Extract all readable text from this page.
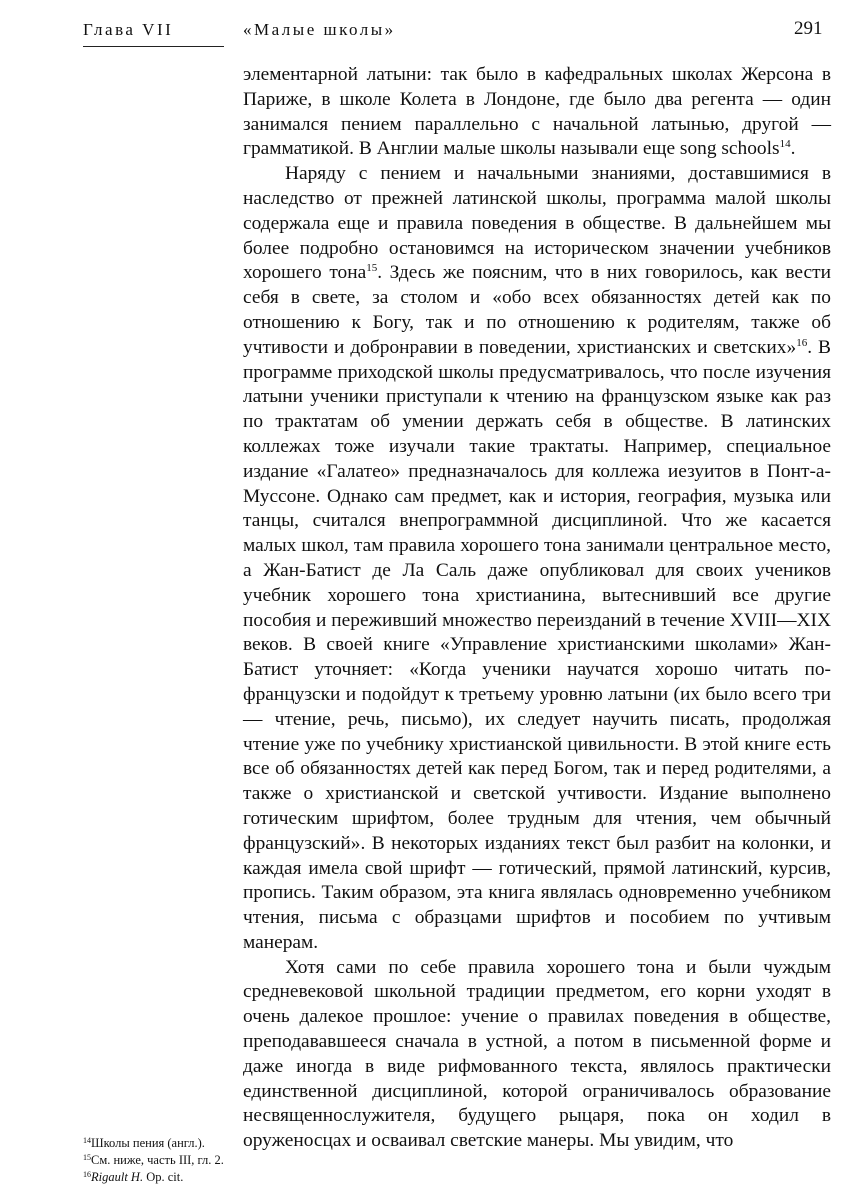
Глава VII	«Малые школы»	291

элементарной латыни: так было в кафедральных школах Жерсона в Париже, в школе Колета в Лондоне, где было два регента — один занимался пением параллельно с начальной латынью, другой — грамматикой. В Англии малые школы называли еще song schools$^{14}$.

Наряду с пением и начальными знаниями, доставшимися в наследство от прежней латинской школы, программа малой школы содержала еще и правила поведения в обществе. В дальнейшем мы более подробно остановимся на историческом значении учебников хорошего тона$^{15}$. Здесь же поясним, что в них говорилось, как вести себя в свете, за столом и «обо всех обязанностях детей как по отношению к Богу, так и по отношению к родителям, также об учтивости и добронравии в поведении, христианских и светских»$^{16}$. В программе приходской школы предусматривалось, что после изучения латыни ученики приступали к чтению на французском языке как раз по трактатам об умении держать себя в обществе. В латинских коллежах тоже изучали такие трактаты. Например, специальное издание «Галатео» предназначалось для коллежа иезуитов в Понт-а-Муссоне. Однако сам предмет, как и история, география, музыка или танцы, считался внепрограммной дисциплиной. Что же касается малых школ, там правила хорошего тона занимали центральное место, а Жан-Батист де Ла Саль даже опубликовал для своих учеников учебник хорошего тона христианина, вытеснивший все другие пособия и переживший множество переизданий в течение XVIII—XIX веков. В своей книге «Управление христианскими школами» Жан-Батист уточняет: «Когда ученики научатся хорошо читать по-французски и подойдут к третьему уровню латыни (их было всего три — чтение, речь, письмо), их следует научить писать, продолжая чтение уже по учебнику христианской цивильности. В этой книге есть все об обязанностях детей как перед Богом, так и перед родителями, а также о христианской и светской учтивости. Издание выполнено готическим шрифтом, более трудным для чтения, чем обычный французский». В некоторых изданиях текст был разбит на колонки, и каждая имела свой шрифт — готический, прямой латинский, курсив, пропись. Таким образом, эта книга являлась одновременно учебником чтения, письма с образцами шрифтов и пособием по учтивым манерам.

Хотя сами по себе правила хорошего тона и были чуждым средневековой школьной традиции предметом, его корни уходят в очень далекое прошлое: учение о правилах поведения в обществе, преподававшееся сначала в устной, а потом в письменной форме и даже иногда в виде рифмованного текста, являлось практически единственной дисциплиной, которой ограничивалось образование несвященнослужителя, будущего рыцаря, пока он ходил в оруженосцах и осваивал светские манеры. Мы увидим, что

$^{14}$Школы пения (англ.).
$^{15}$См. ниже, часть III, гл. 2.
$^{16}$Rigault H. Op. cit.
